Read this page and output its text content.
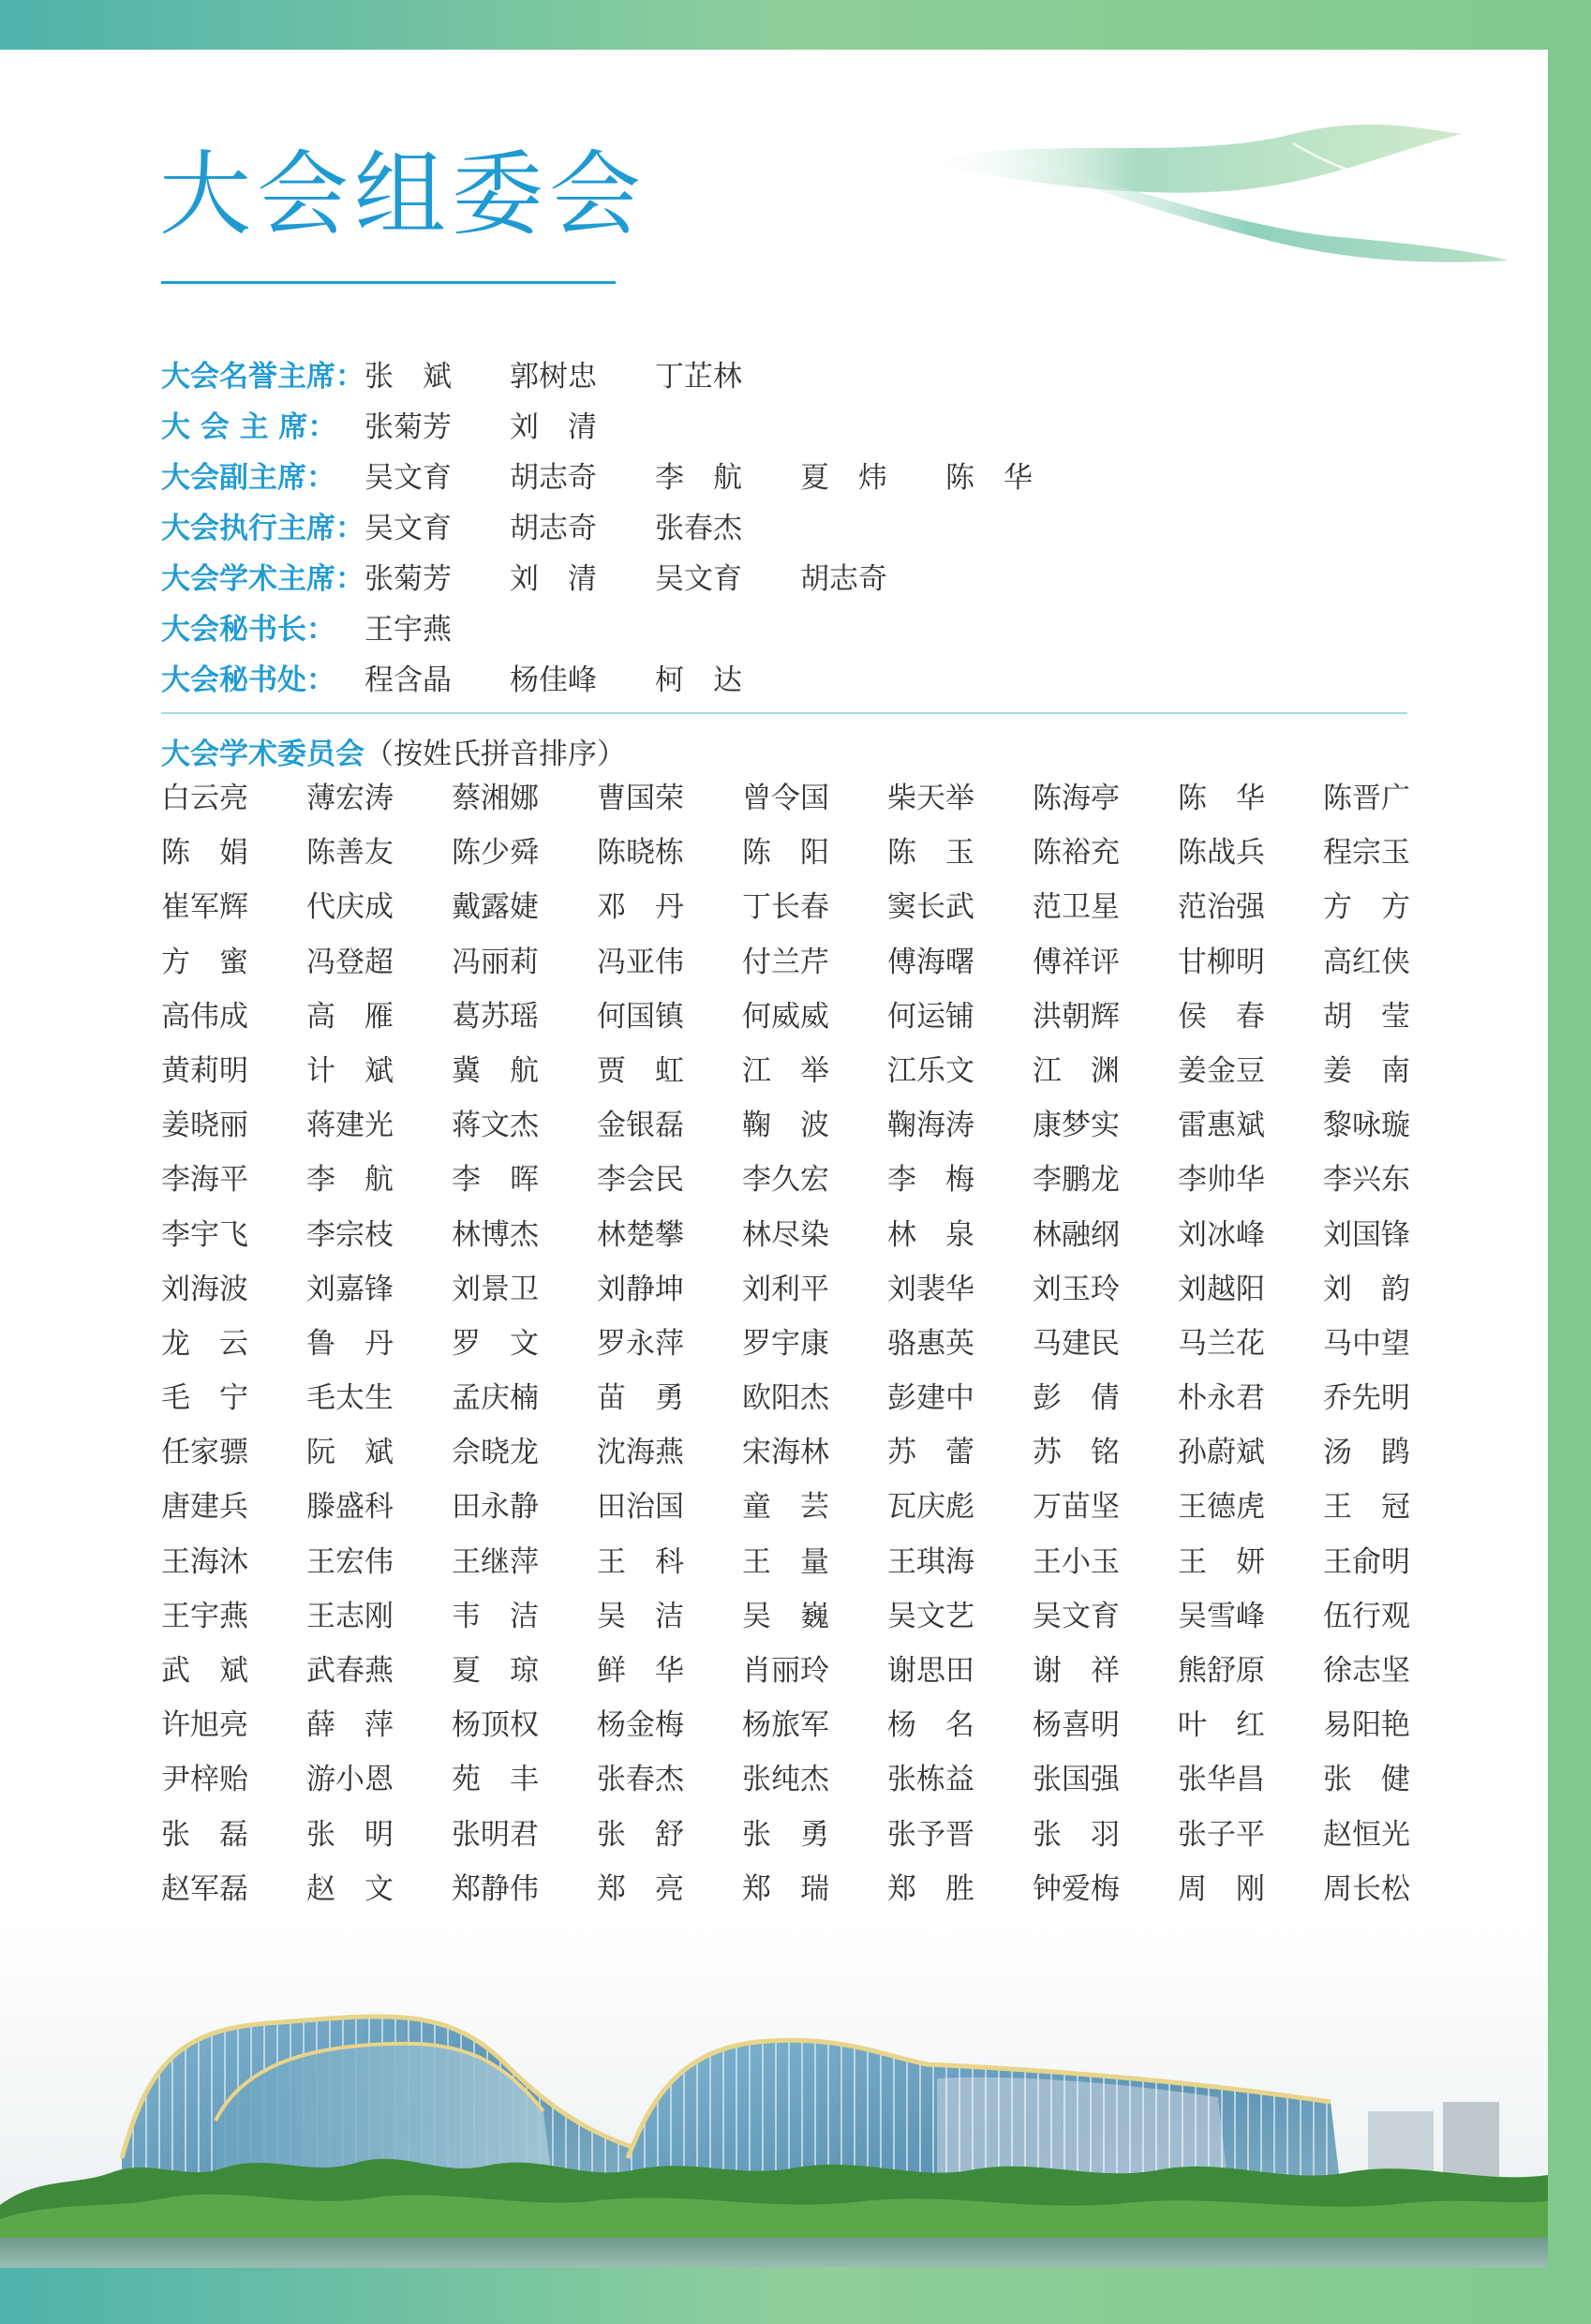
大会组委会
大会名誉主席： 张　斌	郭树忠	丁芷林
大 会 主 席： 张菊芳	刘　清
大会副主席：	吴文育	胡志奇	李　航	夏　炜	陈　华
大会执行主席： 吴文育	胡志奇	张春杰
大会学术主席： 张菊芳	刘　清	吴文育	胡志奇
大会秘书长：	王宇燕
大会秘书处：	程含晶	杨佳峰	柯　达
大会学术委员会（按姓氏拼音排序）
白云亮	薄宏涛	蔡湘娜	曹国荣	曾令国	柴天举	陈海亭	陈　华	陈晋广
陈　娟	陈善友	陈少舜	陈晓栋	陈　阳	陈　玉	陈裕充	陈战兵	程宗玉
崔军辉	代庆成	戴露婕	邓　丹	丁长春	窦长武	范卫星	范治强	方　方
方　蜜	冯登超	冯丽莉	冯亚伟	付兰芹	傅海曙	傅祥评	甘柳明	高红侠
高伟成	高　雁	葛苏瑶	何国镇	何威威	何运铺	洪朝辉	侯　春	胡　莹
黄莉明	计　斌	冀　航	贾　虹	江　举	江乐文	江　渊	姜金豆	姜　南
姜晓丽	蒋建光	蒋文杰	金银磊	鞠　波	鞠海涛	康梦实	雷惠斌	黎咏璇
李海平	李　航	李　晖	李会民	李久宏	李　梅	李鹏龙	李帅华	李兴东
李宇飞	李宗枝	林博杰	林楚攀	林尽染	林　泉	林融纲	刘冰峰	刘国锋
刘海波	刘嘉锋	刘景卫	刘静坤	刘利平	刘裴华	刘玉玲	刘越阳	刘　韵
龙　云	鲁　丹	罗　文	罗永萍	罗宇康	骆惠英	马建民	马兰花	马中望
毛　宁	毛太生	孟庆楠	苗　勇	欧阳杰	彭建中	彭　倩	朴永君	乔先明
任家骠	阮　斌	佘晓龙	沈海燕	宋海林	苏　蕾	苏　铭	孙蔚斌	汤　鹍
唐建兵	滕盛科	田永静	田治国	童　芸	瓦庆彪	万苗坚	王德虎	王　冠
王海沐	王宏伟	王继萍	王　科	王　量	王琪海	王小玉	王　妍	王俞明
王宇燕	王志刚	韦　洁	吴　洁	吴　巍	吴文艺	吴文育	吴雪峰	伍行观
武　斌	武春燕	夏　琼	鲜　华	肖丽玲	谢思田	谢　祥	熊舒原	徐志坚
许旭亮	薛　萍	杨顶权	杨金梅	杨旅军	杨　名	杨喜明	叶　红	易阳艳
尹梓贻	游小恩	苑　丰	张春杰	张纯杰	张栋益	张国强	张华昌	张　健
张　磊	张　明	张明君	张　舒	张　勇	张予晋	张　羽	张子平	赵恒光
赵军磊	赵　文	郑静伟	郑　亮	郑　瑞	郑　胜	钟爱梅	周　刚	周长松
